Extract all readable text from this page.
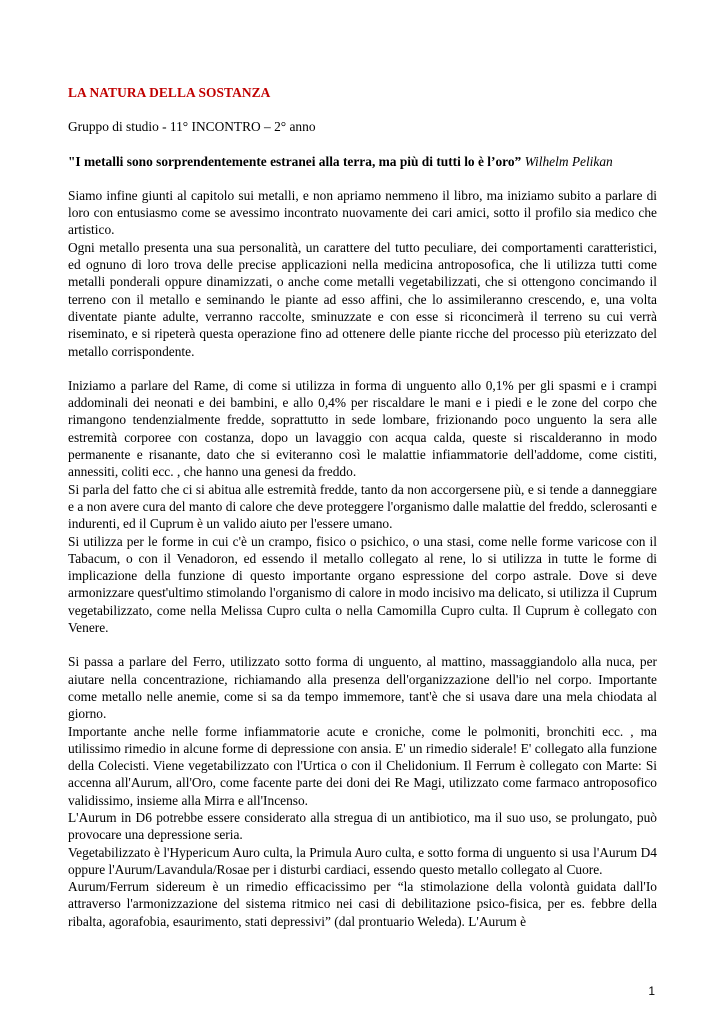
LA NATURA DELLA SOSTANZA
Gruppo di studio - 11° INCONTRO – 2° anno
"I metalli sono sorprendentemente estranei alla terra, ma più di tutti lo è l’oro” Wilhelm Pelikan

Siamo infine giunti al capitolo sui metalli, e non apriamo nemmeno il libro, ma iniziamo subito a parlare di loro con entusiasmo come se avessimo incontrato nuovamente dei cari amici, sotto il profilo sia medico che artistico.

Ogni metallo presenta una sua personalità, un carattere del tutto peculiare, dei comportamenti caratteristici, ed ognuno di loro trova delle precise applicazioni nella medicina antroposofica, che li utilizza tutti come metalli ponderali oppure dinamizzati, o anche come metalli vegetabilizzati, che si ottengono concimando il terreno con il metallo e seminando le piante ad esso affini, che lo assimileranno crescendo, e, una volta diventate piante adulte, verranno raccolte, sminuzzate e con esse si riconcimerà il terreno su cui verrà riseminato, e si ripeterà questa operazione fino ad ottenere delle piante ricche del processo più eterizzato del metallo corrispondente.

Iniziamo a parlare del Rame, di come si utilizza in forma di unguento allo 0,1% per gli spasmi e i crampi addominali dei neonati e dei bambini, e allo 0,4% per riscaldare le mani e i piedi e le zone del corpo che rimangono tendenzialmente fredde, soprattutto in sede lombare, frizionando poco unguento la sera alle estremità corporee con costanza, dopo un lavaggio con acqua calda, queste si riscalderanno in modo permanente e risanante, dato che si eviteranno così le malattie infiammatorie dell'addome, come cistiti, annessiti, coliti ecc. , che hanno una genesi da freddo.

Si parla del fatto che ci si abitua alle estremità fredde, tanto da non accorgersene più, e si tende a danneggiare e a non avere cura del manto di calore che deve proteggere l'organismo dalle malattie del freddo, sclerosanti e indurenti, ed il Cuprum è un valido aiuto per l'essere umano.

Si utilizza per le forme in cui c'è un crampo, fisico o psichico, o una stasi, come nelle forme varicose con il Tabacum, o con il Venadoron, ed essendo il metallo collegato al rene, lo si utilizza in tutte le forme di implicazione della funzione di questo importante organo espressione del corpo astrale. Dove si deve armonizzare quest'ultimo stimolando l'organismo di calore in modo incisivo ma delicato, si utilizza il Cuprum vegetabilizzato, come nella Melissa Cupro culta o nella Camomilla Cupro culta. Il Cuprum è collegato con Venere.

Si passa a parlare del Ferro, utilizzato sotto forma di unguento, al mattino, massaggiandolo alla nuca, per aiutare nella concentrazione, richiamando alla presenza dell'organizzazione dell'io nel corpo. Importante come metallo nelle anemie, come si sa da tempo immemore, tant'è che si usava dare una mela chiodata al giorno.

Importante anche nelle forme infiammatorie acute e croniche, come le polmoniti, bronchiti ecc. , ma utilissimo rimedio in alcune forme di depressione con ansia. E' un rimedio siderale! E' collegato alla funzione della Colecisti. Viene vegetabilizzato con l'Urtica o con il Chelidonium. Il Ferrum è collegato con Marte: Si accenna all'Aurum, all'Oro, come facente parte dei doni dei Re Magi, utilizzato come farmaco antroposofico validissimo, insieme alla Mirra e all'Incenso.

L'Aurum in D6 potrebbe essere considerato alla stregua di un antibiotico, ma il suo uso, se prolungato, può provocare una depressione seria.

Vegetabilizzato è l'Hypericum Auro culta, la Primula Auro culta, e sotto forma di unguento si usa l'Aurum D4 oppure l'Aurum/Lavandula/Rosae per i disturbi cardiaci, essendo questo metallo collegato al Cuore.

Aurum/Ferrum sidereum è un rimedio efficacissimo per “la stimolazione della volontà guidata dall'Io attraverso l'armonizzazione del sistema ritmico nei casi di debilitazione psico-fisica, per es. febbre della ribalta, agorafobia, esaurimento, stati depressivi” (dal prontuario Weleda). L'Aurum è

1
